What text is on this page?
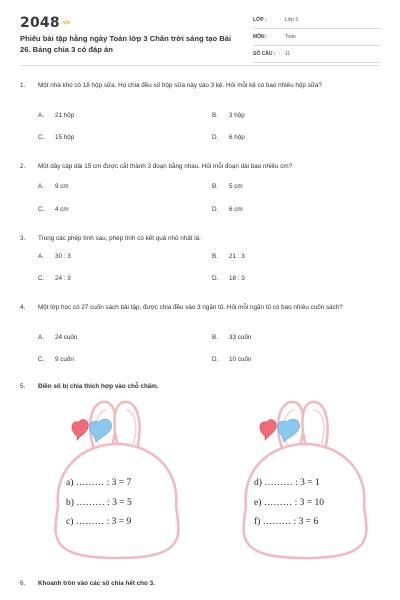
$2048^{.vn}$
Phiếu bài tập hằng ngày Toán lớp 3 Chân trời sáng tạo Bài 26. Bảng chia 3 có đáp án
LỚP :	Lớp 3
MÔN :	Toán
SỐ CÂU : 11
1. Một nhà kho có 18 hộp sữa. Họ chia đều số hộp sữa này vào 3 kệ. Hỏi mỗi kệ có bao nhiêu hộp sữa?
A. 21 hộp	B. 3 hộp
C. 15 hộp	D. 6 hộp
2. Một dây cáp dài 15 cm được cắt thành 3 đoạn bằng nhau. Hỏi mỗi đoạn dài bao nhiêu cm?
A. 9 cm	B. 5 cm
C. 4 cm	D. 6 cm
3. Trong các phép tính sau, phép tính có kết quả nhỏ nhất là:
A. 30 : 3	B. 21 : 3
C. 24 : 3	D. 18 : 3
4. Một lớp học có 27 cuốn sách bài tập, được chia đều vào 3 ngăn tủ. Hỏi mỗi ngăn tủ có bao nhiêu cuốn sách?
A. 24 cuốn	B. 33 cuốn
C. 9 cuốn	D. 10 cuốn
5. Điền số bị chia thích hợp vào chỗ chấm.
a) ……… : 3 = 7
b) ……… : 3 = 5
c) ……… : 3 = 9
d) ……… : 3 = 1
e) ……… : 3 = 10
f) ……… : 3 = 6
6. Khoanh tròn vào các số chia hết cho 3.
